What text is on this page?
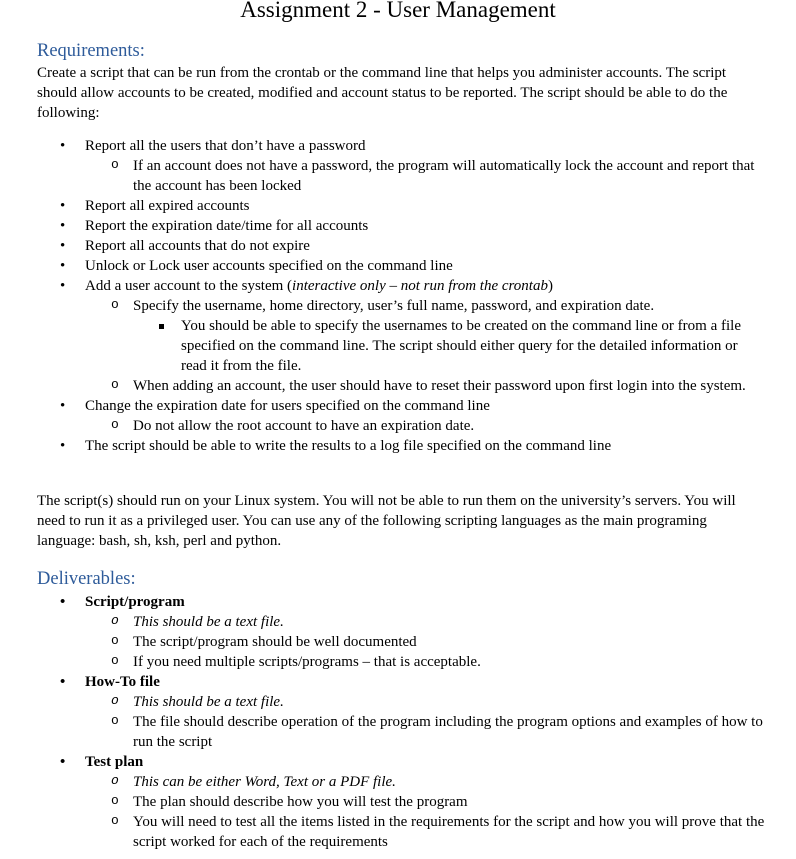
Assignment 2 - User Management
Requirements:
Create a script that can be run from the crontab or the command line that helps you administer accounts. The script should allow accounts to be created, modified and account status to be reported. The script should be able to do the following:
• Report all the users that don’t have a password
o If an account does not have a password, the program will automatically lock the account and report that the account has been locked
• Report all expired accounts
• Report the expiration date/time for all accounts
• Report all accounts that do not expire
• Unlock or Lock user accounts specified on the command line
• Add a user account to the system (interactive only – not run from the crontab)
o Specify the username, home directory, user’s full name, password, and expiration date.
You should be able to specify the usernames to be created on the command line or from a file specified on the command line. The script should either query for the detailed information or read it from the file.
o When adding an account, the user should have to reset their password upon first login into the system.
• Change the expiration date for users specified on the command line
o Do not allow the root account to have an expiration date.
• The script should be able to write the results to a log file specified on the command line
The script(s) should run on your Linux system. You will not be able to run them on the university’s servers. You will need to run it as a privileged user. You can use any of the following scripting languages as the main programing language: bash, sh, ksh, perl and python.
Deliverables:
• Script/program
o This should be a text file.
o The script/program should be well documented
o If you need multiple scripts/programs – that is acceptable.
• How-To file
o This should be a text file.
o The file should describe operation of the program including the program options and examples of how to run the script
• Test plan
o This can be either Word, Text or a PDF file.
o The plan should describe how you will test the program
o You will need to test all the items listed in the requirements for the script and how you will prove that the script worked for each of the requirements
